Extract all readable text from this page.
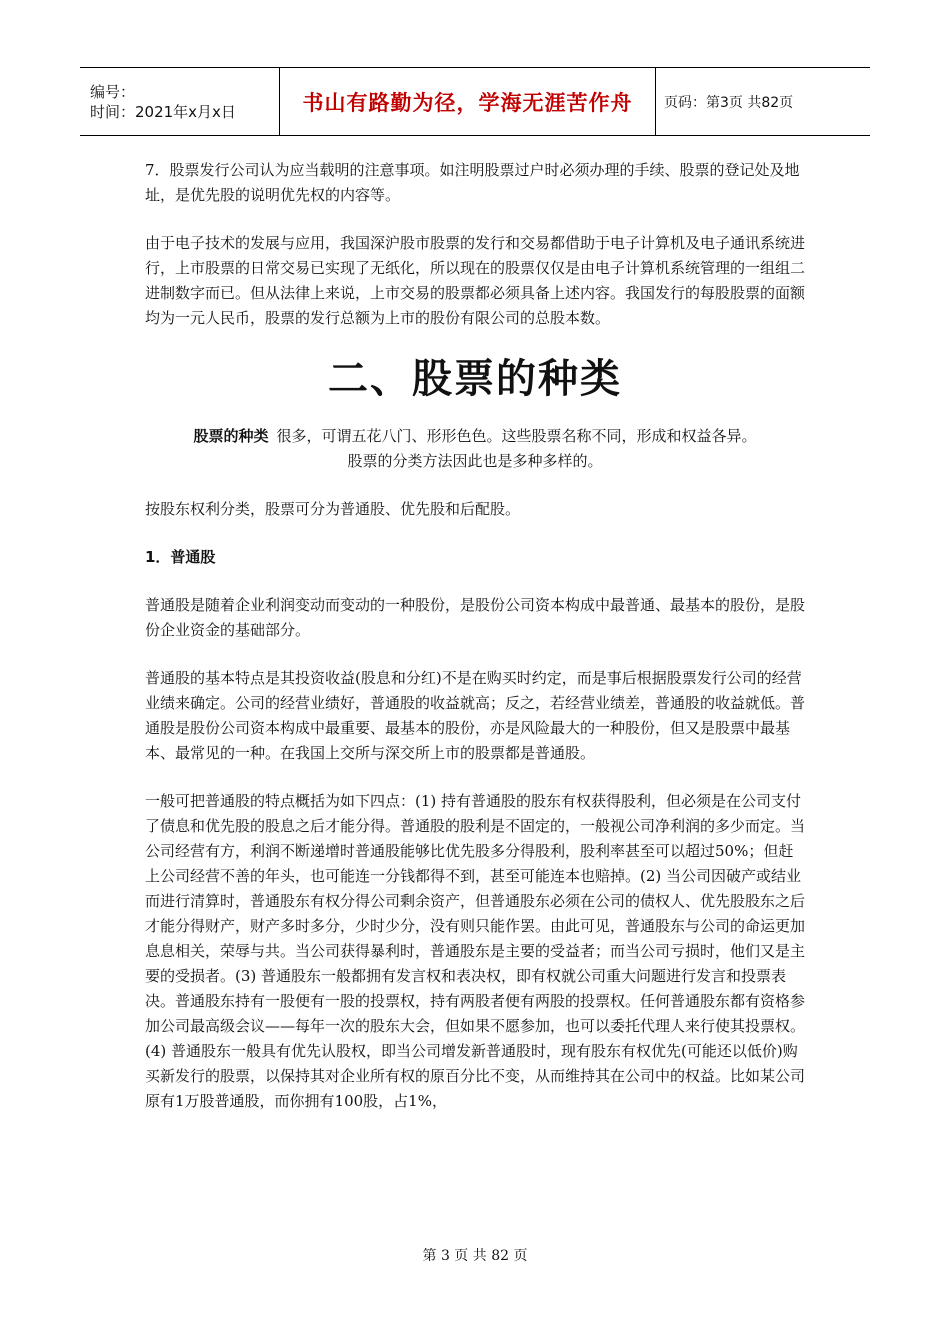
编号：
时间：2021年x月x日	书山有路勤为径，学海无涯苦作舟	页码：第3页 共82页

7．股票发行公司认为应当载明的注意事项。如注明股票过户时必须办理的手续、股票的登记处及地址，是优先股的说明优先权的内容等。

由于电子技术的发展与应用，我国深沪股市股票的发行和交易都借助于电子计算机及电子通讯系统进行，上市股票的日常交易已实现了无纸化，所以现在的股票仅仅是由电子计算机系统管理的一组组二进制数字而已。但从法律上来说，上市交易的股票都必须具备上述内容。我国发行的每股股票的面额均为一元人民币，股票的发行总额为上市的股份有限公司的总股本数。

二、股票的种类
股票的种类 很多，可谓五花八门、形形色色。这些股票名称不同，形成和权益各异。
股票的分类方法因此也是多种多样的。

按股东权利分类，股票可分为普通股、优先股和后配股。

1．普通股

普通股是随着企业利润变动而变动的一种股份，是股份公司资本构成中最普通、最基本的股份，是股份企业资金的基础部分。

普通股的基本特点是其投资收益(股息和分红)不是在购买时约定，而是事后根据股票发行公司的经营业绩来确定。公司的经营业绩好，普通股的收益就高；反之，若经营业绩差，普通股的收益就低。普通股是股份公司资本构成中最重要、最基本的股份，亦是风险最大的一种股份，但又是股票中最基本、最常见的一种。在我国上交所与深交所上市的股票都是普通股。

一般可把普通股的特点概括为如下四点：(1) 持有普通股的股东有权获得股利，但必须是在公司支付了债息和优先股的股息之后才能分得。普通股的股利是不固定的，一般视公司净利润的多少而定。当公司经营有方，利润不断递增时普通股能够比优先股多分得股利，股利率甚至可以超过50%；但赶上公司经营不善的年头，也可能连一分钱都得不到，甚至可能连本也赔掉。(2) 当公司因破产或结业而进行清算时，普通股东有权分得公司剩余资产，但普通股东必须在公司的债权人、优先股股东之后才能分得财产，财产多时多分，少时少分，没有则只能作罢。由此可见，普通股东与公司的命运更加息息相关，荣辱与共。当公司获得暴利时，普通股东是主要的受益者；而当公司亏损时，他们又是主要的受损者。(3) 普通股东一般都拥有发言权和表决权，即有权就公司重大问题进行发言和投票表决。普通股东持有一股便有一股的投票权，持有两股者便有两股的投票权。任何普通股东都有资格参加公司最高级会议——每年一次的股东大会，但如果不愿参加，也可以委托代理人来行使其投票权。(4) 普通股东一般具有优先认股权，即当公司增发新普通股时，现有股东有权优先(可能还以低价)购买新发行的股票，以保持其对企业所有权的原百分比不变，从而维持其在公司中的权益。比如某公司原有1万股普通股，而你拥有100股，占1%，

第 3 页 共 82 页
